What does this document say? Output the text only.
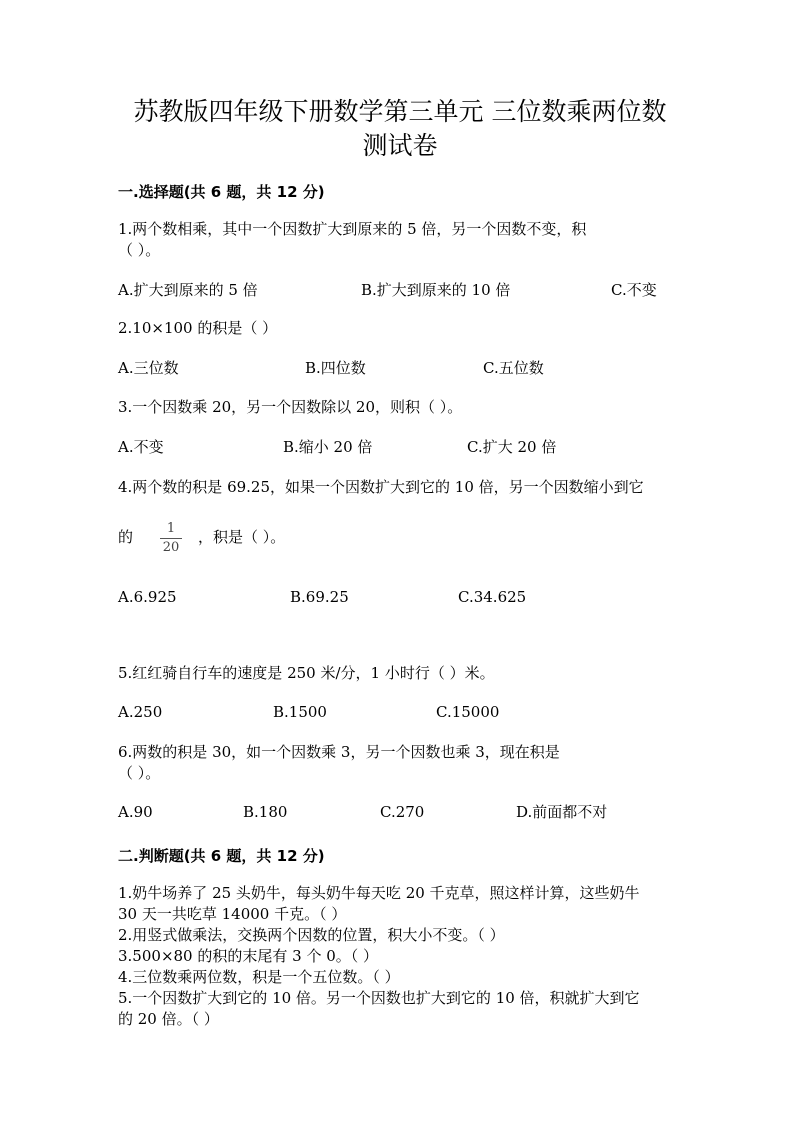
苏教版四年级下册数学第三单元 三位数乘两位数
测试卷
一.选择题(共 6 题，共 12 分)
1.两个数相乘，其中一个因数扩大到原来的 5 倍，另一个因数不变，积
（ ）。
A.扩大到原来的 5 倍	B.扩大到原来的 10 倍	C.不变
2.10×100 的积是（ ）
A.三位数	B.四位数	C.五位数
3.一个因数乘 20，另一个因数除以 20，则积（ ）。
A.不变	B.缩小 20 倍	C.扩大 20 倍
4.两个数的积是 69.25，如果一个因数扩大到它的 10 倍，另一个因数缩小到它
的	1
20
，积是（ ）。
A.6.925	B.69.25	C.34.625
5.红红骑自行车的速度是 250 米/分，1 小时行（ ）米。
A.250	B.1500	C.15000
6.两数的积是 30，如一个因数乘 3，另一个因数也乘 3，现在积是
（ ）。
A.90	B.180	C.270	D.前面都不对
二.判断题(共 6 题，共 12 分)
1.奶牛场养了 25 头奶牛，每头奶牛每天吃 20 千克草，照这样计算，这些奶牛
30 天一共吃草 14000 千克。（ ）
2.用竖式做乘法，交换两个因数的位置，积大小不变。（ ）
3.500×80 的积的末尾有 3 个 0。（ ）
4.三位数乘两位数，积是一个五位数。（ ）
5.一个因数扩大到它的 10 倍。另一个因数也扩大到它的 10 倍，积就扩大到它
的 20 倍。（ ）
